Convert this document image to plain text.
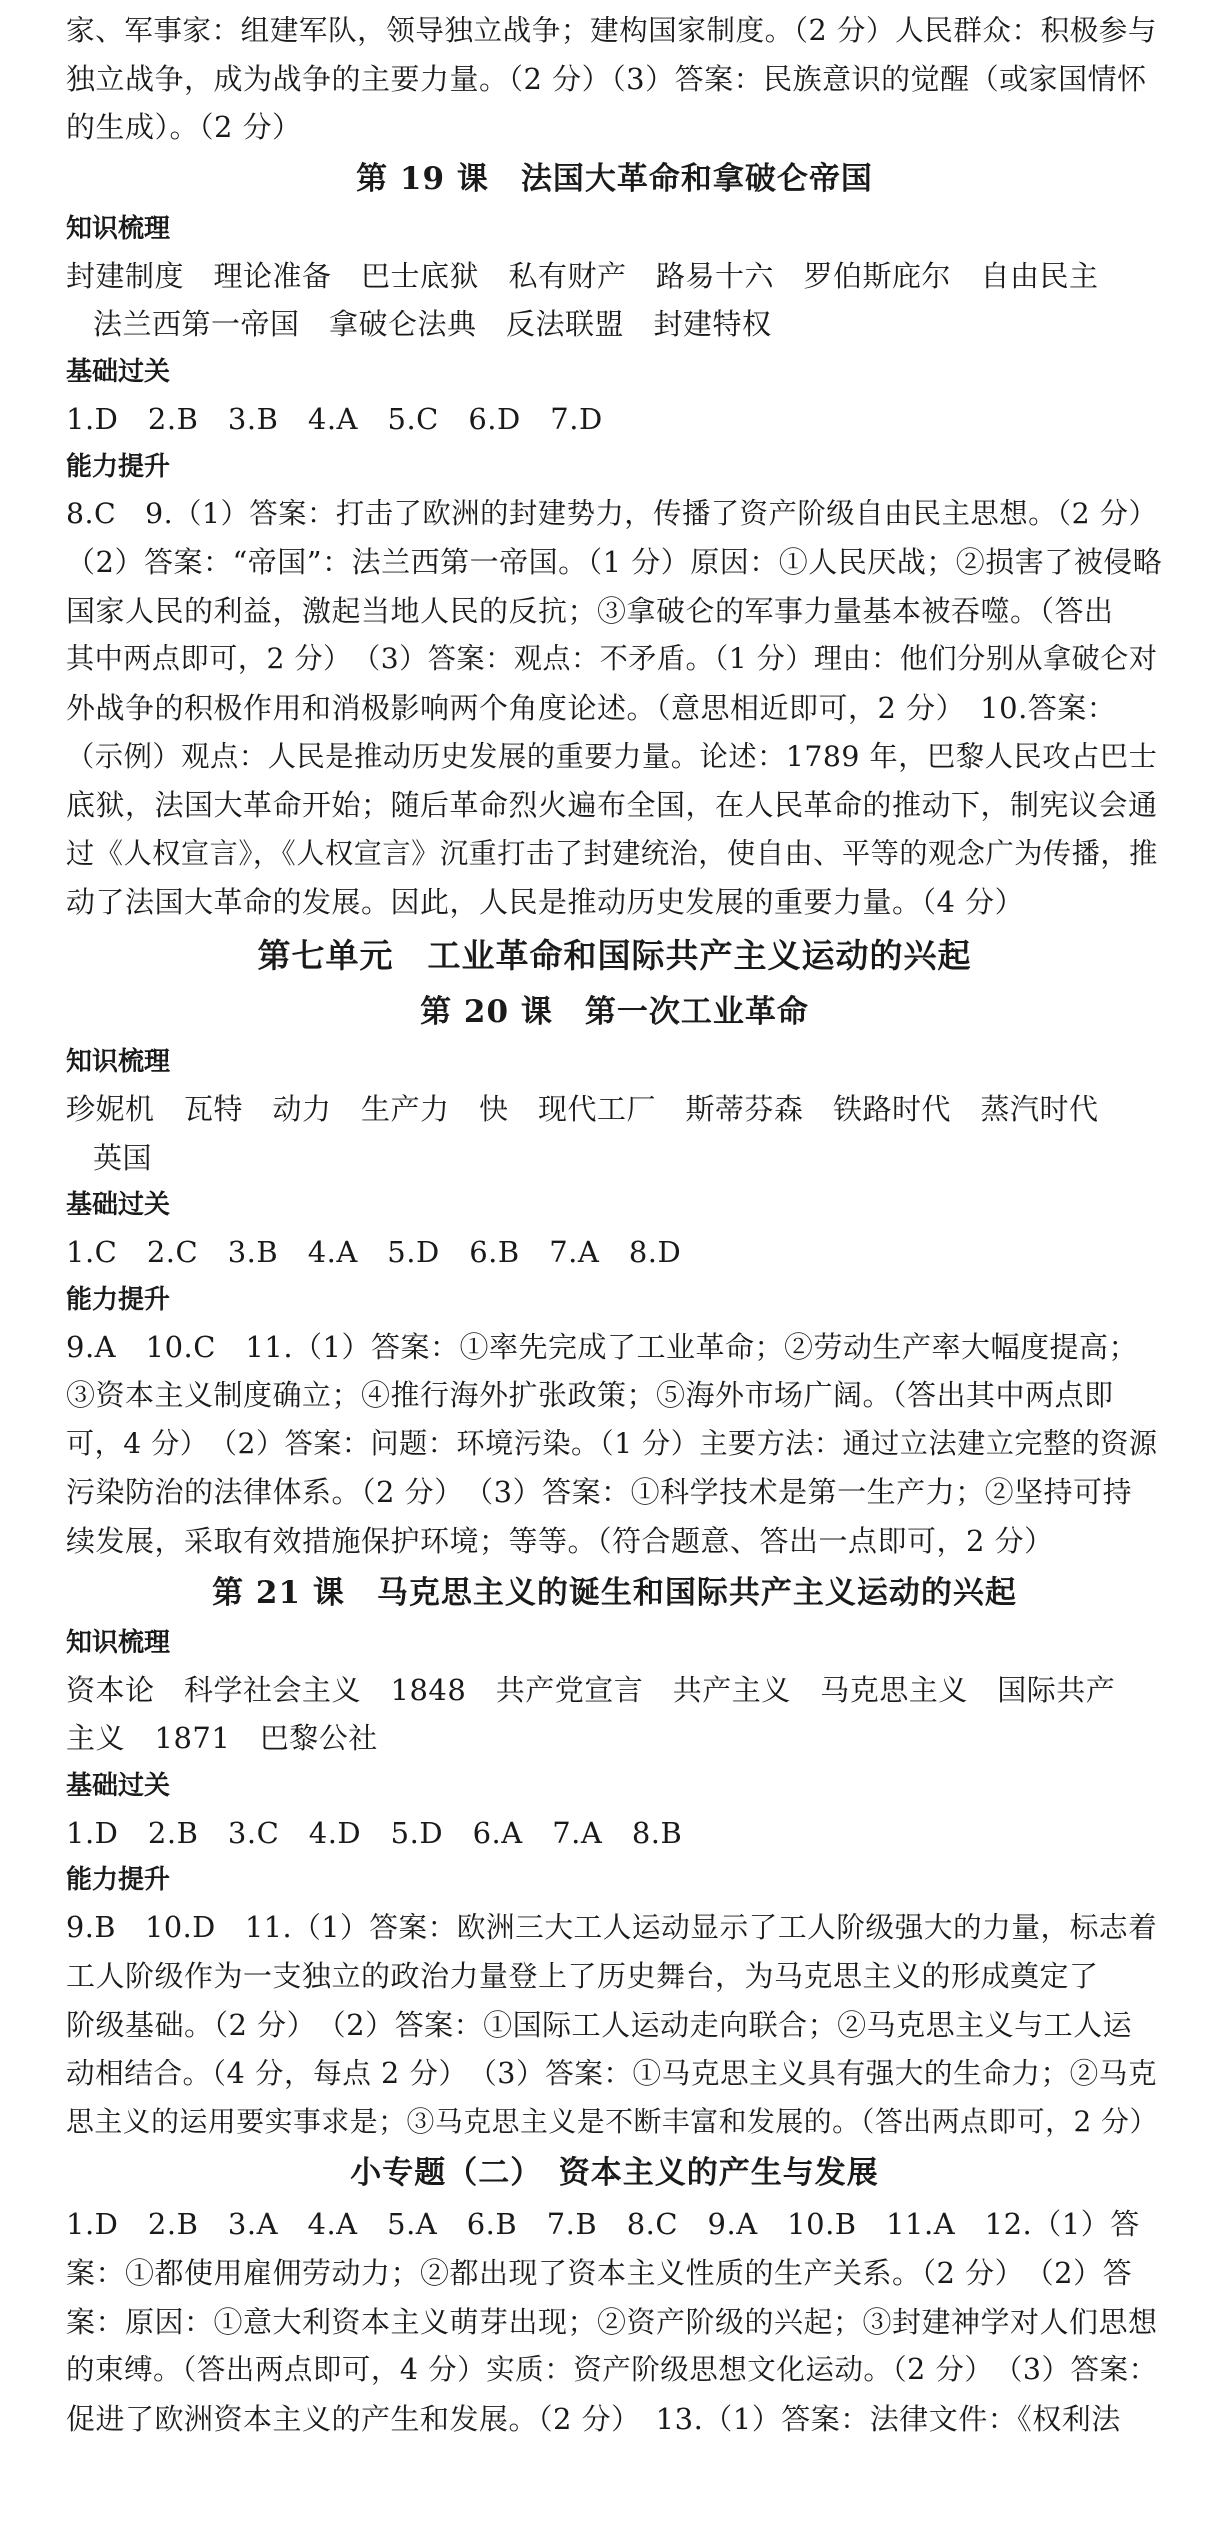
家、军事家：组建军队，领导独立战争；建构国家制度。（2 分）人民群众：积极参与
独立战争，成为战争的主要力量。（2 分）（3）答案：民族意识的觉醒（或家国情怀
的生成）。（2 分）
第 19 课　法国大革命和拿破仑帝国
知识梳理
封建制度　理论准备　巴士底狱　私有财产　路易十六　罗伯斯庇尔　自由民主
法兰西第一帝国　拿破仑法典　反法联盟　封建特权
基础过关
1.D　2.B　3.B　4.A　5.C　6.D　7.D
能力提升
8.C　9.（1）答案：打击了欧洲的封建势力，传播了资产阶级自由民主思想。（2 分）
（2）答案：“帝国”：法兰西第一帝国。（1 分）原因：①人民厌战；②损害了被侵略
国家人民的利益，激起当地人民的反抗；③拿破仑的军事力量基本被吞噬。（答出
其中两点即可，2 分）　（3）答案：观点：不矛盾。（1 分）理由：他们分别从拿破仑对
外战争的积极作用和消极影响两个角度论述。（意思相近即可，2 分）　10.答案：
（示例）观点：人民是推动历史发展的重要力量。论述：1789 年，巴黎人民攻占巴士
底狱，法国大革命开始；随后革命烈火遍布全国，在人民革命的推动下，制宪议会通
过《人权宣言》，《人权宣言》沉重打击了封建统治，使自由、平等的观念广为传播，推
动了法国大革命的发展。因此，人民是推动历史发展的重要力量。（4 分）
第七单元　工业革命和国际共产主义运动的兴起
第 20 课　第一次工业革命
知识梳理
珍妮机　瓦特　动力　生产力　快　现代工厂　斯蒂芬森　铁路时代　蒸汽时代
英国
基础过关
1.C　2.C　3.B　4.A　5.D　6.B　7.A　8.D
能力提升
9.A　10.C　11.（1）答案：①率先完成了工业革命；②劳动生产率大幅度提高；
③资本主义制度确立；④推行海外扩张政策；⑤海外市场广阔。（答出其中两点即
可，4 分）　（2）答案：问题：环境污染。（1 分）主要方法：通过立法建立完整的资源
污染防治的法律体系。（2 分）　（3）答案：①科学技术是第一生产力；②坚持可持
续发展，采取有效措施保护环境；等等。（符合题意、答出一点即可，2 分）
第 21 课　马克思主义的诞生和国际共产主义运动的兴起
知识梳理
资本论　科学社会主义　1848　共产党宣言　共产主义　马克思主义　国际共产
主义　1871　巴黎公社
基础过关
1.D　2.B　3.C　4.D　5.D　6.A　7.A　8.B
能力提升
9.B　10.D　11.（1）答案：欧洲三大工人运动显示了工人阶级强大的力量，标志着
工人阶级作为一支独立的政治力量登上了历史舞台，为马克思主义的形成奠定了
阶级基础。（2 分）　（2）答案：①国际工人运动走向联合；②马克思主义与工人运
动相结合。（4 分，每点 2 分）　（3）答案：①马克思主义具有强大的生命力；②马克
思主义的运用要实事求是；③马克思主义是不断丰富和发展的。（答出两点即可，2 分）
小专题（二）　资本主义的产生与发展
1.D　2.B　3.A　4.A　5.A　6.B　7.B　8.C　9.A　10.B　11.A　12.（1）答
案：①都使用雇佣劳动力；②都出现了资本主义性质的生产关系。（2 分）　（2）答
案：原因：①意大利资本主义萌芽出现；②资产阶级的兴起；③封建神学对人们思想
的束缚。（答出两点即可，4 分）实质：资产阶级思想文化运动。（2 分）　（3）答案：
促进了欧洲资本主义的产生和发展。（2 分）　13.（1）答案：法律文件：《权利法
